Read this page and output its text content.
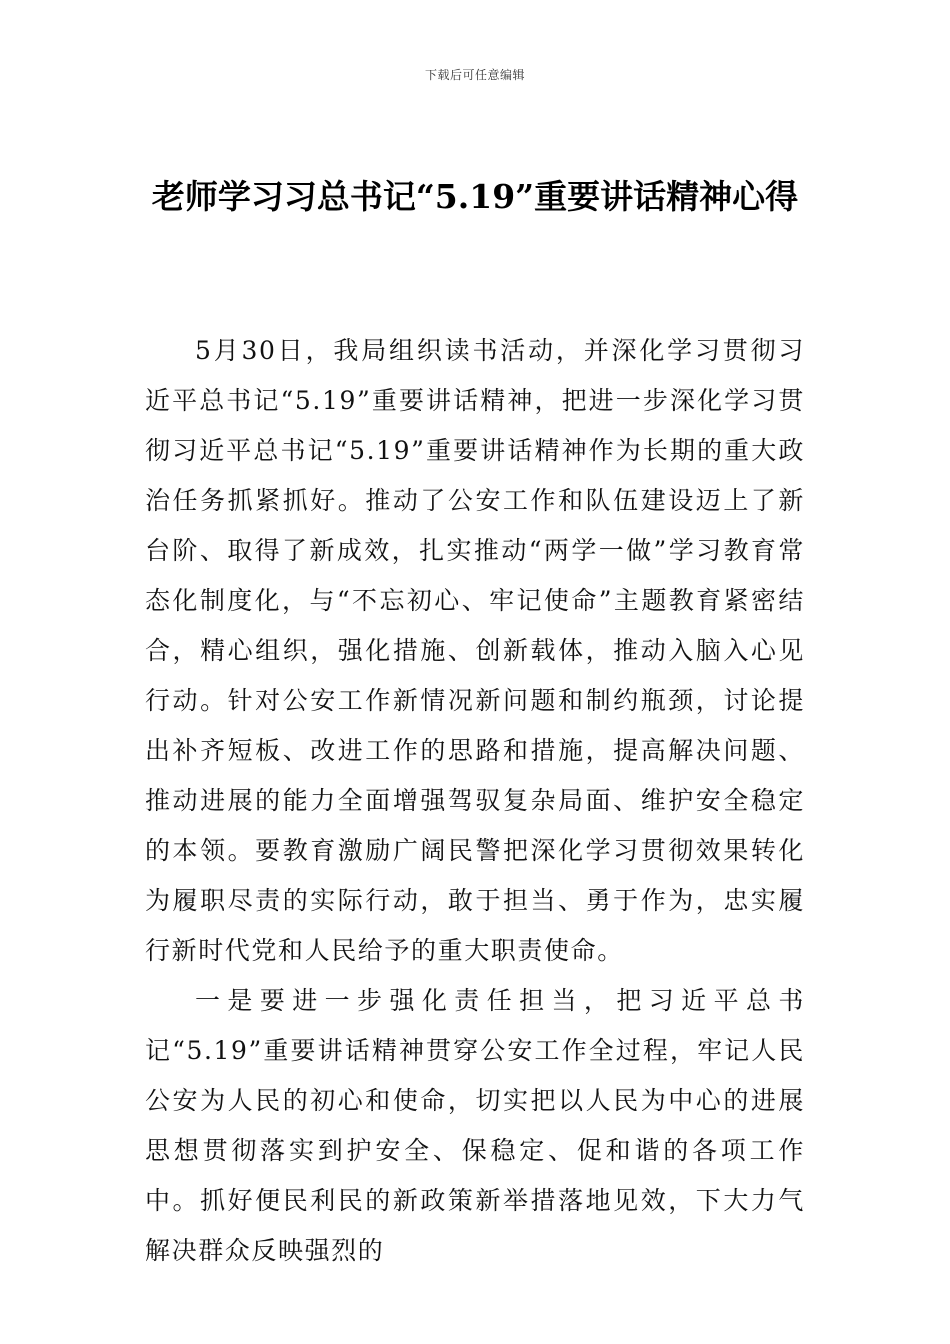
下载后可任意编辑
老师学习习总书记“5.19”重要讲话精神心得

5月30日，我局组织读书活动，并深化学习贯彻习近平总书记“5.19”重要讲话精神，把进一步深化学习贯彻习近平总书记“5.19”重要讲话精神作为长期的重大政治任务抓紧抓好。推动了公安工作和队伍建设迈上了新台阶、取得了新成效，扎实推动“两学一做”学习教育常态化制度化，与“不忘初心、牢记使命”主题教育紧密结合，精心组织，强化措施、创新载体，推动入脑入心见行动。针对公安工作新情况新问题和制约瓶颈，讨论提出补齐短板、改进工作的思路和措施，提高解决问题、推动进展的能力全面增强驾驭复杂局面、维护安全稳定的本领。要教育激励广阔民警把深化学习贯彻效果转化为履职尽责的实际行动，敢于担当、勇于作为，忠实履行新时代党和人民给予的重大职责使命。

一是要进一步强化责任担当，把习近平总书记“5.19”重要讲话精神贯穿公安工作全过程，牢记人民公安为人民的初心和使命，切实把以人民为中心的进展思想贯彻落实到护安全、保稳定、促和谐的各项工作中。抓好便民利民的新政策新举措落地见效，下大力气解决群众反映强烈的
